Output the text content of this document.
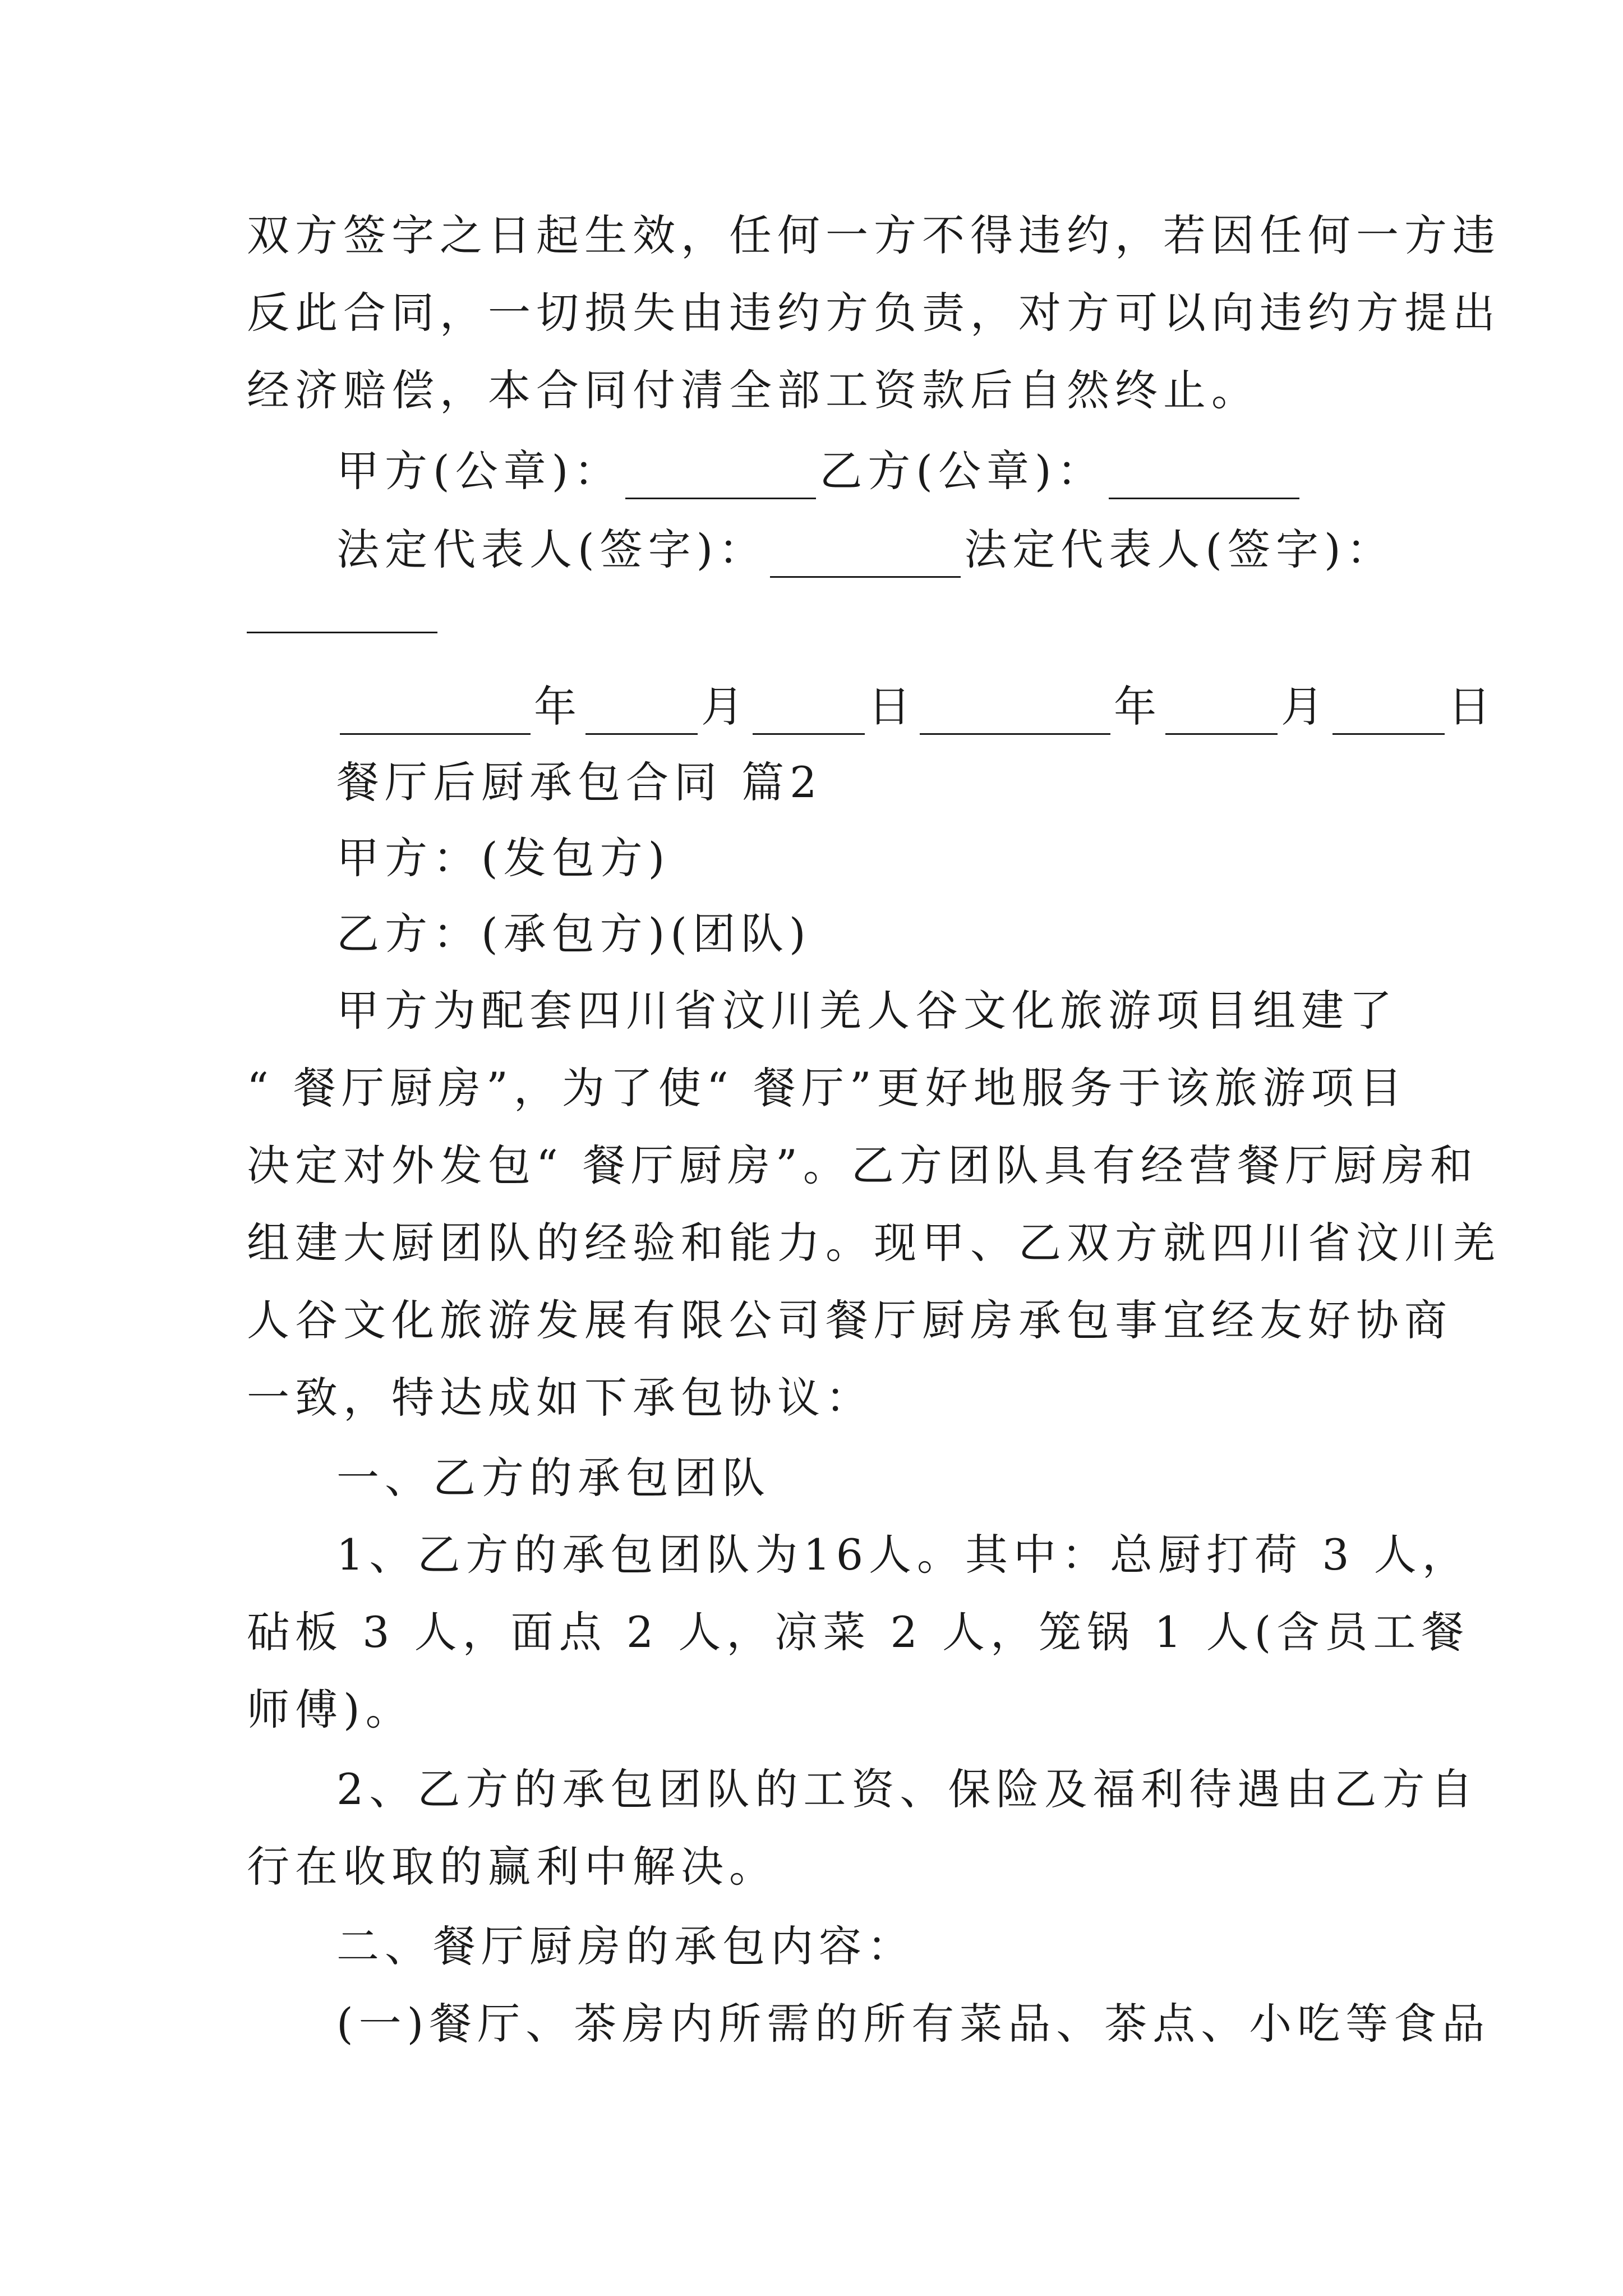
双方签字之日起生效，任何一方不得违约，若因任何一方违
反此合同，一切损失由违约方负责，对方可以向违约方提出
经济赔偿，本合同付清全部工资款后自然终止。
甲方(公章)：	乙方(公章)：
法定代表人(签字)：	法定代表人(签字)：
年	月	日	年	月	日
餐厅后厨承包合同 篇2
甲方：(发包方)
乙方：(承包方)(团队)
甲方为配套四川省汶川羌人谷文化旅游项目组建了
“ 餐厅厨房”，为了使“ 餐厅”更好地服务于该旅游项目
决定对外发包“ 餐厅厨房”。乙方团队具有经营餐厅厨房和
组建大厨团队的经验和能力。现甲、乙双方就四川省汶川羌
人谷文化旅游发展有限公司餐厅厨房承包事宜经友好协商
一致，特达成如下承包协议：
一、乙方的承包团队
1、乙方的承包团队为16人。其中：总厨打荷 3 人，
砧板 3 人，面点 2 人，凉菜 2 人，笼锅 1 人(含员工餐
师傅)。
2、乙方的承包团队的工资、保险及福利待遇由乙方自
行在收取的赢利中解决。
二、餐厅厨房的承包内容：
(一)餐厅、茶房内所需的所有菜品、茶点、小吃等食品
